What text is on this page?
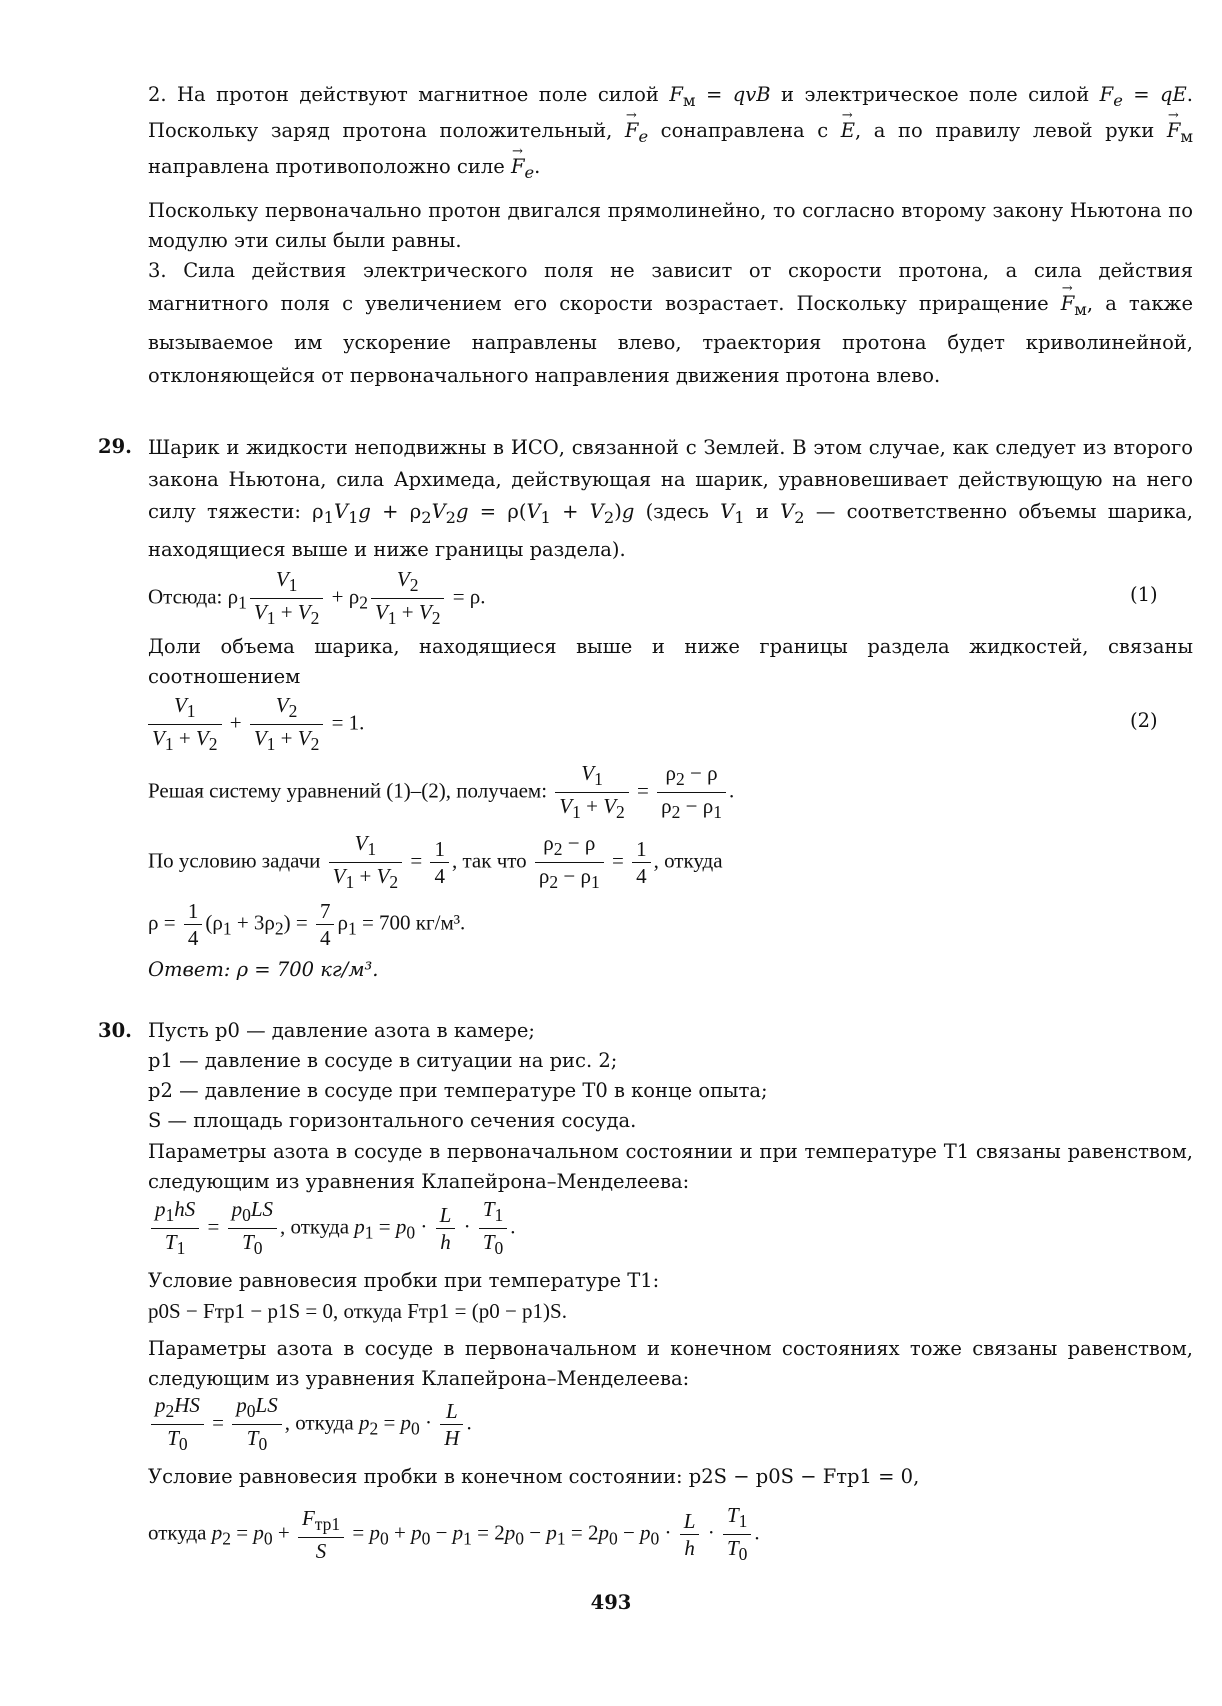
2. На протон действуют магнитное поле силой $F_м$ = qvB и электрическое поле силой $F_e$ = qE. Поскольку заряд протона положительный, → $F_e$ сонаправлена с → E, а по правилу левой руки → $F_м$ направлена противоположно силе → $F_e$.
Поскольку первоначально протон двигался прямолинейно, то согласно второму закону Ньютона по модулю эти силы были равны.
3. Сила действия электрического поля не зависит от скорости протона, а сила действия магнитного поля с увеличением его скорости возрастает. Поскольку приращение → $F_м$, а также вызываемое им ускорение направлены влево, траектория протона будет криволинейной, отклоняющейся от первоначального направления движения протона влево.
29. Шарик и жидкости неподвижны в ИСО, связанной с Землей. В этом случае, как следует из второго закона Ньютона, сила Архимеда, действующая на шарик, уравновешивает действующую на него силу тяжести: $\rho_1V_1g + \rho_2V_2g = \rho(V_1 + V_2)g$ (здесь $V_1$ и $V_2$ — соответственно объемы шарика, находящиеся выше и ниже границы раздела).
Отсюда: $\rho_1 \frac{V_1}{V_1 + V_2} + \rho_2 \frac{V_2}{V_1 + V_2} = \rho$.	(1)
Доли объема шарика, находящиеся выше и ниже границы раздела жидкостей, связаны соотношением
$\frac{V_1}{V_1 + V_2} + \frac{V_2}{V_1 + V_2} = 1$.	(2)
Решая систему уравнений (1)–(2), получаем: $\frac{V_1}{V_1 + V_2} = \frac{\rho_2 - \rho}{\rho_2 - \rho_1}$ .
По условию задачи $\frac{V_1}{V_1 + V_2} = \frac{1}{4}$ , так что $\frac{\rho_2 - \rho}{\rho_2 - \rho_1} = \frac{1}{4}$ , откуда
$\rho = \frac{1}{4} (\rho_1 + 3\rho_2) = \frac{7}{4} \rho_1 = 700$ кг/м³.
Ответ: ρ = 700 кг/м³.
30. Пусть p0 — давление азота в камере;
p1 — давление в сосуде в ситуации на рис. 2;
p2 — давление в сосуде при температуре T0 в конце опыта;
S — площадь горизонтального сечения сосуда.
Параметры азота в сосуде в первоначальном состоянии и при температуре T1 связаны равенством, следующим из уравнения Клапейрона–Менделеева:
$\frac{p_1hS}{T_1} = \frac{p_0LS}{T_0}$ , откуда $p_1 = p_0 \cdot \frac{L}{h} \cdot \frac{T_1}{T_0}$ .
Условие равновесия пробки при температуре T1:
p0S − Fтр1 − p1S = 0, откуда Fтр1 = (p0 − p1)S.
Параметры азота в сосуде в первоначальном и конечном состояниях тоже связаны равенством, следующим из уравнения Клапейрона–Менделеева:
$\frac{p_2HS}{T_0} = \frac{p_0LS}{T_0}$ , откуда $p_2 = p_0 \cdot \frac{L}{H}$ .
Условие равновесия пробки в конечном состоянии: p2S − p0S − Fтр1 = 0,
откуда $p_2 = p_0 + \frac{F_{тр1}}{S} = p_0 + p_0 - p_1 = 2p_0 - p_1 = 2p_0 - p_0 \cdot \frac{L}{h} \cdot \frac{T_1}{T_0}$ .
493
